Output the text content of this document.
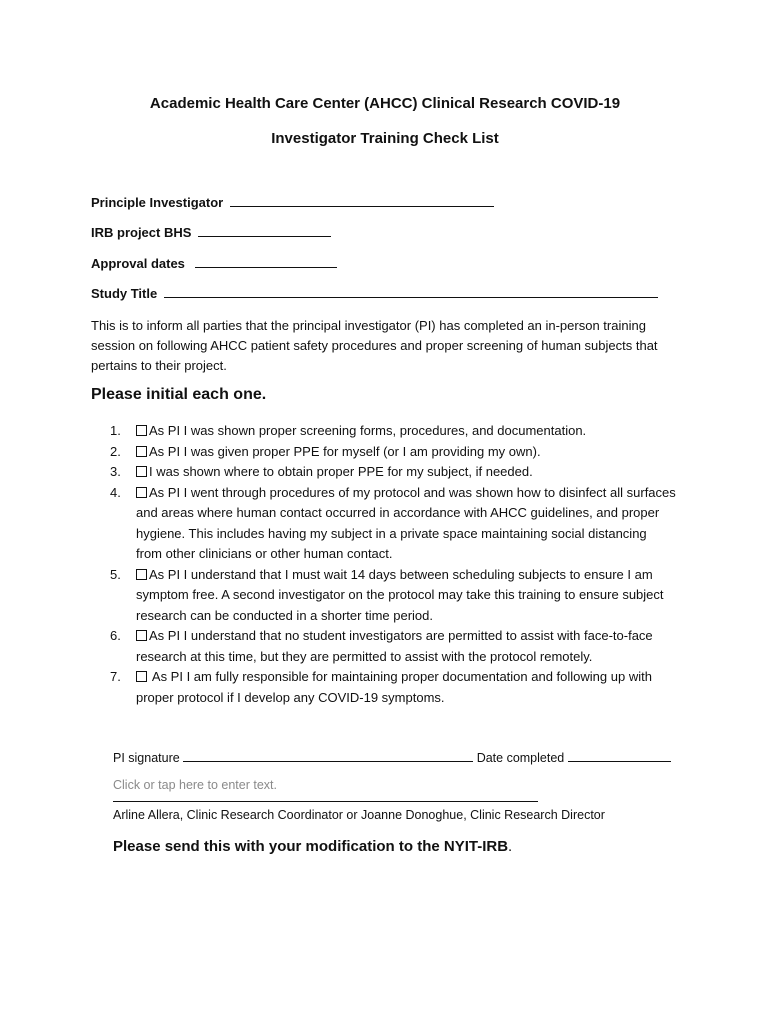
Academic Health Care Center (AHCC) Clinical Research COVID-19
Investigator Training Check List
Principle Investigator
IRB project BHS
Approval dates
Study Title
This is to inform all parties that the principal investigator (PI) has completed an in-person training session on following AHCC patient safety procedures and proper screening of human subjects that pertains to their project.
Please initial each one.
1.	As PI I was shown proper screening forms, procedures, and documentation.
2.	As PI I was given proper PPE for myself (or I am providing my own).
3.	I was shown where to obtain proper PPE for my subject, if needed.
4.	As PI I went through procedures of my protocol and was shown how to disinfect all surfaces and areas where human contact occurred in accordance with AHCC guidelines, and proper hygiene. This includes having my subject in a private space maintaining social distancing from other clinicians or other human contact.
5.	As PI I understand that I must wait 14 days between scheduling subjects to ensure I am symptom free. A second investigator on the protocol may take this training to ensure subject research can be conducted in a shorter time period.
6.	As PI I understand that no student investigators are permitted to assist with face-to-face research at this time, but they are permitted to assist with the protocol remotely.
7.	As PI I am fully responsible for maintaining proper documentation and following up with proper protocol if I develop any COVID-19 symptoms.
PI signature	Date completed
Click or tap here to enter text.
Arline Allera, Clinic Research Coordinator or Joanne Donoghue, Clinic Research Director
Please send this with your modification to the NYIT-IRB.
